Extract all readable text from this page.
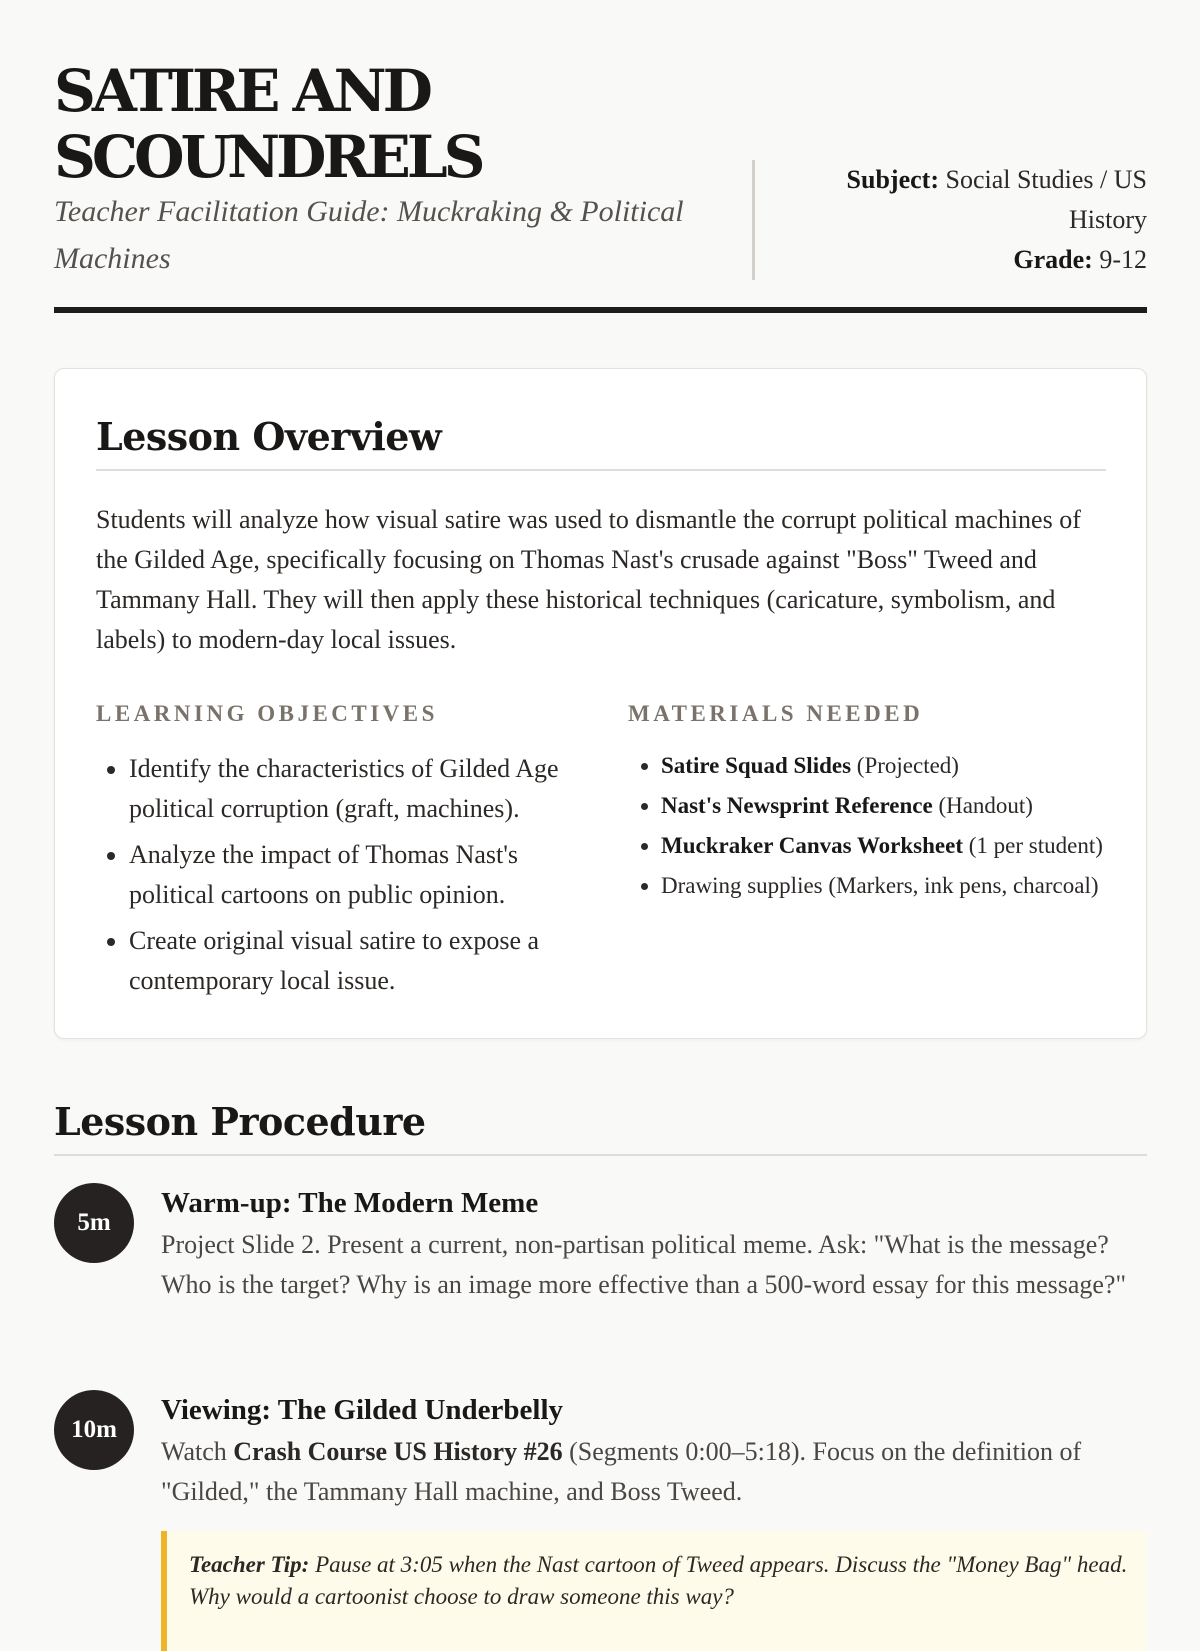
SATIRE AND
SCOUNDRELS
Teacher Facilitation Guide: Muckraking & Political Machines
Subject: Social Studies / US History
Grade: 9-12
Lesson Overview

Students will analyze how visual satire was used to dismantle the corrupt political machines of the Gilded Age, specifically focusing on Thomas Nast's crusade against "Boss" Tweed and Tammany Hall. They will then apply these historical techniques (caricature, symbolism, and labels) to modern-day local issues.

LEARNING OBJECTIVES
• Identify the characteristics of Gilded Age political corruption (graft, machines).
• Analyze the impact of Thomas Nast's political cartoons on public opinion.
• Create original visual satire to expose a contemporary local issue.
MATERIALS NEEDED
• Satire Squad Slides (Projected)
• Nast's Newsprint Reference (Handout)
• Muckraker Canvas Worksheet (1 per student)
• Drawing supplies (Markers, ink pens, charcoal)
Lesson Procedure
5m
Warm-up: The Modern Meme

Project Slide 2. Present a current, non-partisan political meme. Ask: "What is the message? Who is the target? Why is an image more effective than a 500-word essay for this message?"

10m
Viewing: The Gilded Underbelly

Watch Crash Course US History #26 (Segments 0:00–5:18). Focus on the definition of "Gilded," the Tammany Hall machine, and Boss Tweed.

Teacher Tip: Pause at 3:05 when the Nast cartoon of Tweed appears. Discuss the "Money Bag" head. Why would a cartoonist choose to draw someone this way?
